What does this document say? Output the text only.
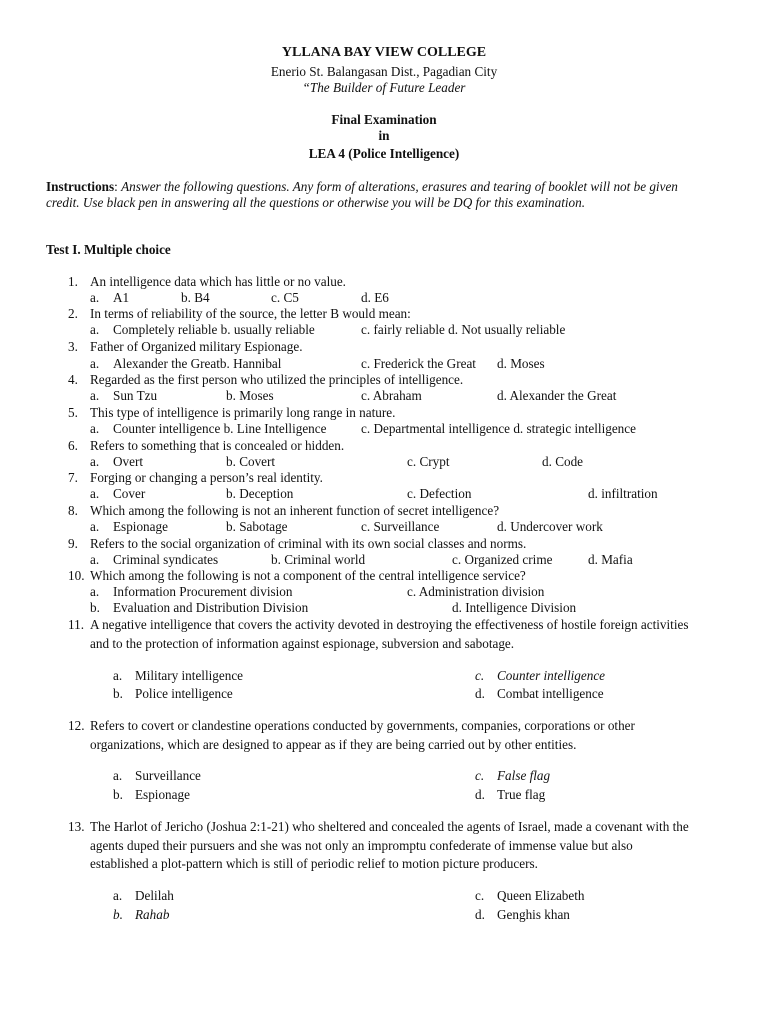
YLLANA BAY VIEW COLLEGE
Enerio St. Balangasan Dist., Pagadian City
“The Builder of Future Leader
Final Examination
in
LEA 4 (Police Intelligence)
Instructions: Answer the following questions. Any form of alterations, erasures and tearing of booklet will not be given
credit. Use black pen in answering all the questions or otherwise you will be DQ for this examination.
Test I. Multiple choice
1. An intelligence data which has little or no value.
a. A1	b. B4	c. C5	d. E6
2. In terms of reliability of the source, the letter B would mean:
a. Completely reliable b. usually reliable	c. fairly reliable d. Not usually reliable
3. Father of Organized military Espionage.
a. Alexander the Greatb. Hannibal	c. Frederick the Great d. Moses
4. Regarded as the first person who utilized the principles of intelligence.
a. Sun Tzu	b. Moses	c. Abraham	d. Alexander the Great
5. This type of intelligence is primarily long range in nature.
a. Counter intelligence b. Line Intelligence	c. Departmental intelligence d. strategic intelligence
6. Refers to something that is concealed or hidden.
a. Overt	b. Covert	c. Crypt	d. Code
7. Forging or changing a person’s real identity.
a. Cover	b. Deception	c. Defection	d. infiltration
8. Which among the following is not an inherent function of secret intelligence?
a. Espionage	b. Sabotage	c. Surveillance	d. Undercover work
9. Refers to the social organization of criminal with its own social classes and norms.
a. Criminal syndicates	b. Criminal world	c. Organized crime	d. Mafia
10. Which among the following is not a component of the central intelligence service?
a. Information Procurement division	c. Administration division
b. Evaluation and Distribution Division	d. Intelligence Division
11. A negative intelligence that covers the activity devoted in destroying the effectiveness of hostile foreign activities
and to the protection of information against espionage, subversion and sabotage.
a. Military intelligence	c. Counter intelligence
b. Police intelligence	d. Combat intelligence
12. Refers to covert or clandestine operations conducted by governments, companies, corporations or other
organizations, which are designed to appear as if they are being carried out by other entities.
a. Surveillance	c. False flag
b. Espionage	d. True flag
13. The Harlot of Jericho (Joshua 2:1-21) who sheltered and concealed the agents of Israel, made a covenant with the
agents duped their pursuers and she was not only an impromptu confederate of immense value but also
established a plot-pattern which is still of periodic relief to motion picture producers.
a. Delilah	c. Queen Elizabeth
b. Rahab	d. Genghis khan
